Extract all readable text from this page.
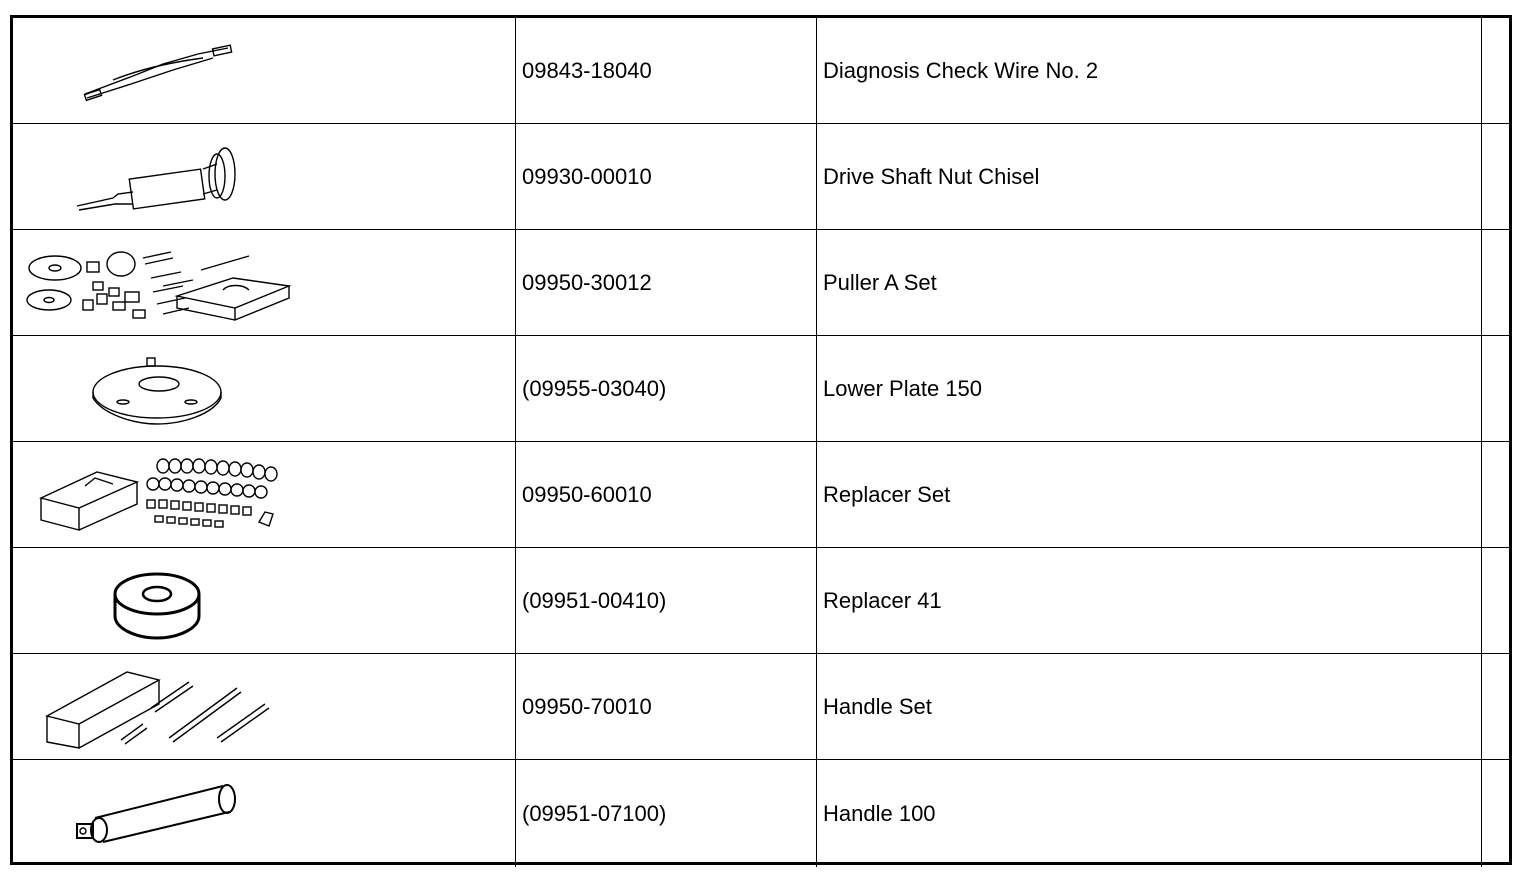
09843-18040	Diagnosis Check Wire No. 2
09930-00010	Drive Shaft Nut Chisel
09950-30012	Puller A Set
(09955-03040)	Lower Plate 150
09950-60010	Replacer Set
(09951-00410)	Replacer 41
09950-70010	Handle Set
(09951-07100)	Handle 100
